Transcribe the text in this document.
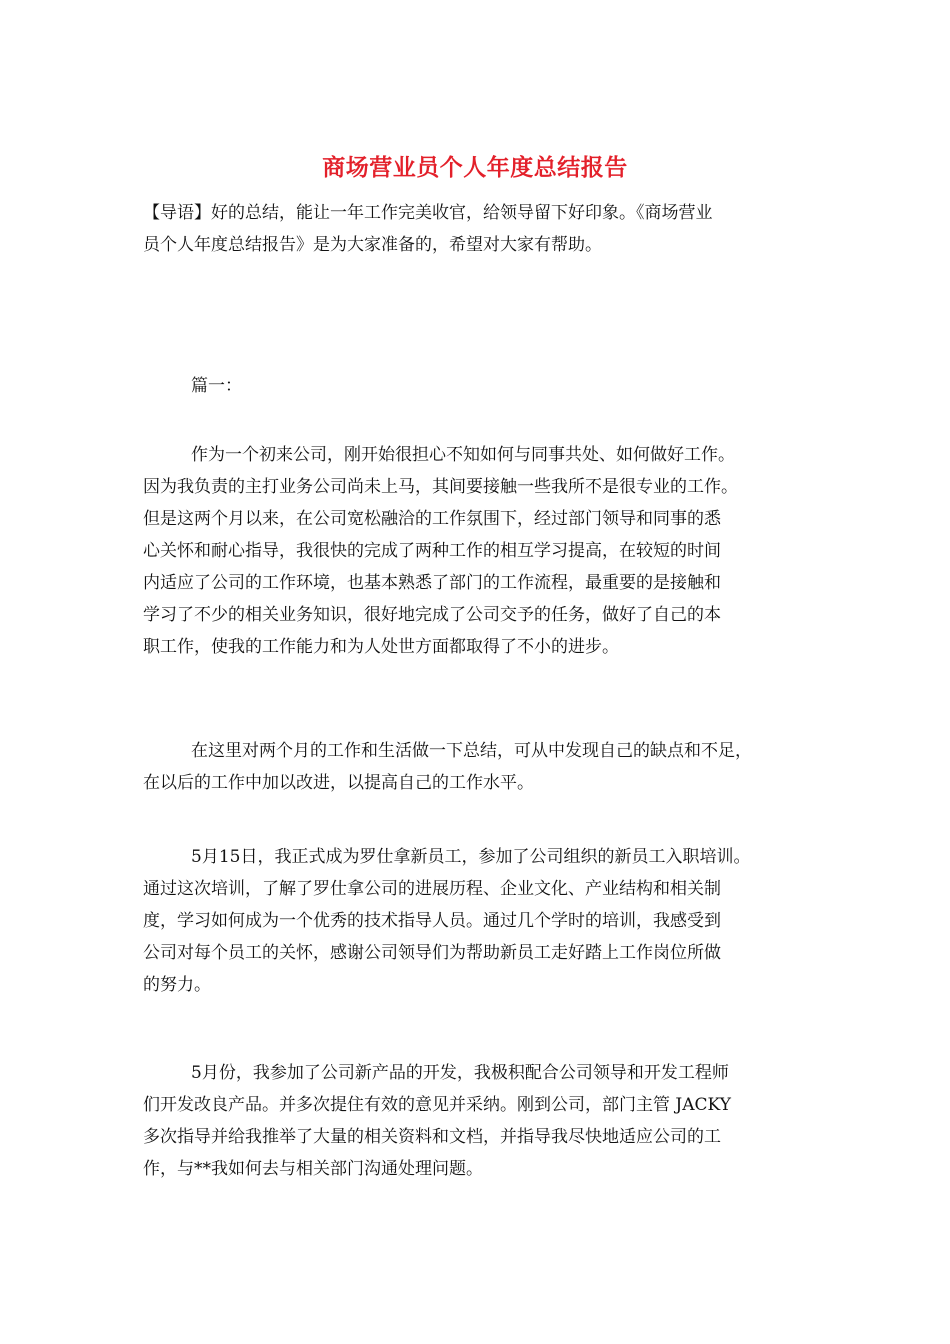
商场营业员个人年度总结报告
【导语】好的总结，能让一年工作完美收官，给领导留下好印象。《商场营业
员个人年度总结报告》是为大家准备的，希望对大家有帮助。
篇一：
作为一个初来公司，刚开始很担心不知如何与同事共处、如何做好工作。
因为我负责的主打业务公司尚未上马，其间要接触一些我所不是很专业的工作。
但是这两个月以来，在公司宽松融洽的工作氛围下，经过部门领导和同事的悉
心关怀和耐心指导，我很快的完成了两种工作的相互学习提高，在较短的时间
内适应了公司的工作环境，也基本熟悉了部门的工作流程，最重要的是接触和
学习了不少的相关业务知识，很好地完成了公司交予的任务，做好了自己的本
职工作，使我的工作能力和为人处世方面都取得了不小的进步。
在这里对两个月的工作和生活做一下总结，可从中发现自己的缺点和不足，
在以后的工作中加以改进，以提高自己的工作水平。
5月15日，我正式成为罗仕拿新员工，参加了公司组织的新员工入职培训。
通过这次培训，了解了罗仕拿公司的进展历程、企业文化、产业结构和相关制
度，学习如何成为一个优秀的技术指导人员。通过几个学时的培训，我感受到
公司对每个员工的关怀，感谢公司领导们为帮助新员工走好踏上工作岗位所做
的努力。
5月份，我参加了公司新产品的开发，我极积配合公司领导和开发工程师
们开发改良产品。并多次提住有效的意见并采纳。刚到公司，部门主管 JACKY
多次指导并给我推举了大量的相关资料和文档，并指导我尽快地适应公司的工
作，与**我如何去与相关部门沟通处理问题。
